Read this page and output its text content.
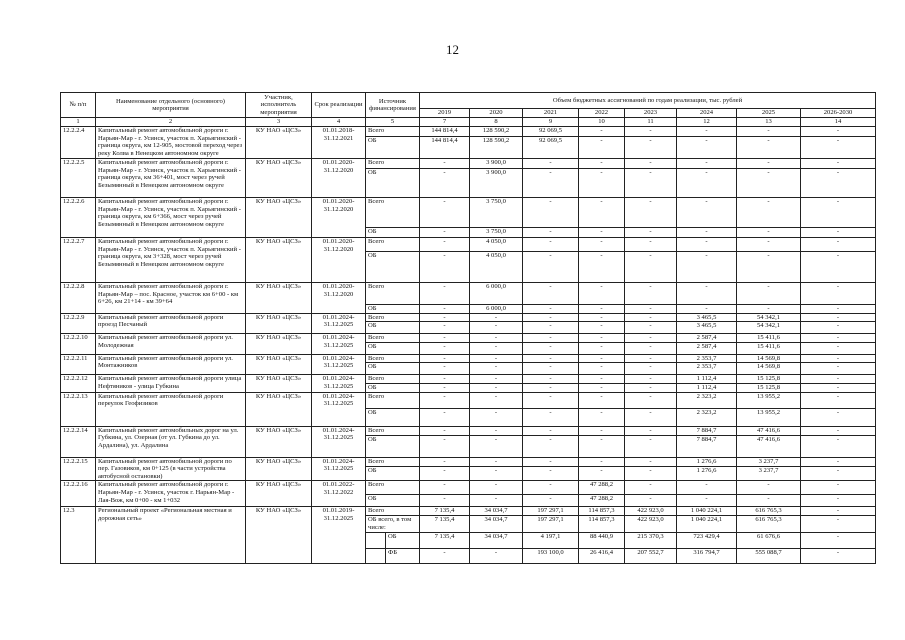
12
№ п/п	Наименование отдельного (основного) мероприятия	Участник, исполнитель мероприятия	Срок реализации	Источник финансирования		Объем бюджетных ассигнований по годам реализации, тыс. рублей							
						2019	2020	2021	2022	2023	2024	2025	2026-2030
1	2	3	4	5		7	8	9	10	11	12	13	14
12.2.2.4	Капитальный ремонт автомобильной дороги г. Нарьян-Мар - г. Усинск, участок п. Харьягинский - граница округа, км 12-905, мостовой переход через реку Колва в Ненецком автономном округе	КУ НАО «ЦСЗ»	01.01.2018-31.12.2021	Всего		144 814,4	128 590,2	92 069,5	-	-	-	-	-
				ОБ		144 814,4	128 590,2	92 069,5	-	-	-	-	-
12.2.2.5	Капитальный ремонт автомобильной дороги г. Нарьян-Мар - г. Усинск, участок п. Харьягинский - граница округа, км 36+401, мост через ручей Безымянный в Ненецком автономном округе	КУ НАО «ЦСЗ»	01.01.2020-31.12.2020	Всего		-	3 900,0	-	-	-	-	-	-
				ОБ		-	3 900,0	-	-	-	-	-	-
12.2.2.6	Капитальный ремонт автомобильной дороги г. Нарьян-Мар - г. Усинск, участок п. Харьягинский - граница округа, км 6+366, мост через ручей Безымянный в Ненецком автономном округе	КУ НАО «ЦСЗ»	01.01.2020-31.12.2020	Всего		-	3 750,0	-	-	-	-	-	-
				ОБ		-	3 750,0	-	-	-	-	-	-
12.2.2.7	Капитальный ремонт автомобильной дороги г. Нарьян-Мар - г. Усинск, участок п. Харьягинский - граница округа, км 3+328, мост через ручей Безымянный в Ненецком автономном округе	КУ НАО «ЦСЗ»	01.01.2020-31.12.2020	Всего		-	4 050,0	-	-	-	-	-	-
				ОБ		-	4 050,0	-	-	-	-	-	-
12.2.2.8	Капитальный ремонт автомобильной дороги г. Нарьян-Мар – пос. Красное, участок км 6+00 - км 6+26, км 21+14 - км 39+64	КУ НАО «ЦСЗ»	01.01.2020-31.12.2020	Всего		-	6 000,0	-	-	-	-	-	-
				ОБ		-	6 000,0	-	-	-	-	-	-
12.2.2.9	Капитальный ремонт автомобильной дороги проезд Песчаный	КУ НАО «ЦСЗ»	01.01.2024-31.12.2025	Всего		-	-	-	-	-	3 465,5	54 342,1	-
				ОБ		-	-	-	-	-	3 465,5	54 342,1	-
12.2.2.10	Капитальный ремонт автомобильной дороги ул. Молодежная	КУ НАО «ЦСЗ»	01.01.2024-31.12.2025	Всего		-	-	-	-	-	2 587,4	15 411,6	-
				ОБ		-	-	-	-	-	2 587,4	15 411,6	-
12.2.2.11	Капитальный ремонт автомобильной дороги ул. Монтажников	КУ НАО «ЦСЗ»	01.01.2024-31.12.2025	Всего		-	-	-	-	-	2 353,7	14 569,8	-
				ОБ		-	-	-	-	-	2 353,7	14 569,8	-
12.2.2.12	Капитальный ремонт автомобильной дороги улица Нефтяников - улица Губкина	КУ НАО «ЦСЗ»	01.01.2024-31.12.2025	Всего		-	-	-	-	-	1 112,4	15 125,8	-
				ОБ		-	-	-	-	-	1 112,4	15 125,8	-
12.2.2.13	Капитальный ремонт автомобильной дороги переулок Геофизиков	КУ НАО «ЦСЗ»	01.01.2024-31.12.2025	Всего		-	-	-	-	-	2 323,2	13 955,2	-
				ОБ		-	-	-	-	-	2 323,2	13 955,2	-
12.2.2.14	Капитальный ремонт автомобильных дорог на ул. Губкина, ул. Озерная (от ул. Губкина до ул. Ардалина), ул. Ардалина	КУ НАО «ЦСЗ»	01.01.2024-31.12.2025	Всего		-	-	-	-	-	7 884,7	47 416,6	-
				ОБ		-	-	-	-	-	7 884,7	47 416,6	-
12.2.2.15	Капитальный ремонт автомобильной дороги по пер. Газовиков, км 0+125 (в части устройства автобусной остановки)	КУ НАО «ЦСЗ»	01.01.2024-31.12.2025	Всего		-	-	-	-	-	1 276,6	3 237,7	-
				ОБ		-	-	-	-	-	1 276,6	3 237,7	-
12.2.2.16	Капитальный ремонт автомобильной дороги г. Нарьян-Мар - г. Усинск, участок г. Нарьян-Мар - Лая-Вож, км 0+00 - км 1+032	КУ НАО «ЦСЗ»	01.01.2022-31.12.2022	Всего		-	-	-	47 288,2	-	-	-	-
				ОБ		-	-	-	47 288,2	-	-	-	-
12.3	Региональный проект «Региональная местная и дорожная сеть»	КУ НАО «ЦСЗ»	01.01.2019-31.12.2025	Всего		7 135,4	34 034,7	197 297,1	114 857,3	422 923,0	1 040 224,1	616 765,3	-
				ОБ всего, в том числе:		7 135,4	34 034,7	197 297,1	114 857,3	422 923,0	1 040 224,1	616 765,3	-
					ОБ	7 135,4	34 034,7	4 197,1	88 440,9	215 370,3	723 429,4	61 676,6	-
					ФБ	-	-	193 100,0	26 416,4	207 552,7	316 794,7	555 088,7	-
